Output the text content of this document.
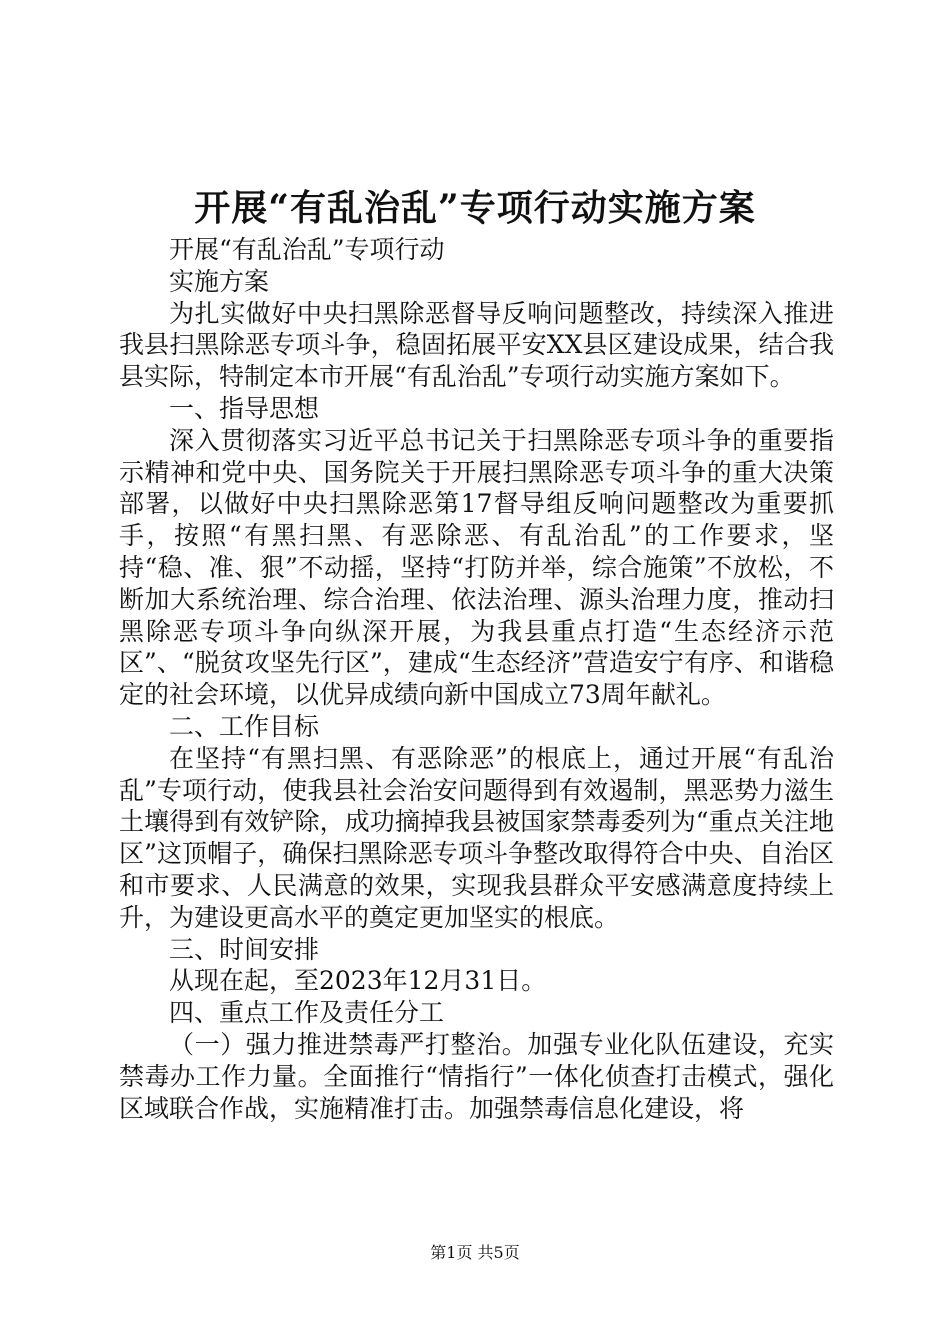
开展“有乱治乱”专项行动实施方案

开展“有乱治乱”专项行动

实施方案

为扎实做好中央扫黑除恶督导反响问题整改，持续深入推进我县扫黑除恶专项斗争，稳固拓展平安XX县区建设成果，结合我县实际，特制定本市开展“有乱治乱”专项行动实施方案如下。

一、指导思想

深入贯彻落实习近平总书记关于扫黑除恶专项斗争的重要指示精神和党中央、国务院关于开展扫黑除恶专项斗争的重大决策部署，以做好中央扫黑除恶第17督导组反响问题整改为重要抓手，按照“有黑扫黑、有恶除恶、有乱治乱”的工作要求，坚持“稳、准、狠”不动摇，坚持“打防并举，综合施策”不放松，不断加大系统治理、综合治理、依法治理、源头治理力度，推动扫黑除恶专项斗争向纵深开展，为我县重点打造“生态经济示范区”、“脱贫攻坚先行区”，建成“生态经济”营造安宁有序、和谐稳定的社会环境，以优异成绩向新中国成立73周年献礼。

二、工作目标

在坚持“有黑扫黑、有恶除恶”的根底上，通过开展“有乱治乱”专项行动，使我县社会治安问题得到有效遏制，黑恶势力滋生土壤得到有效铲除，成功摘掉我县被国家禁毒委列为“重点关注地区”这顶帽子，确保扫黑除恶专项斗争整改取得符合中央、自治区和市要求、人民满意的效果，实现我县群众平安感满意度持续上升，为建设更高水平的奠定更加坚实的根底。

三、时间安排

从现在起，至2023年12月31日。

四、重点工作及责任分工

（一）强力推进禁毒严打整治。加强专业化队伍建设，充实禁毒办工作力量。全面推行“情指行”一体化侦查打击模式，强化区域联合作战，实施精准打击。加强禁毒信息化建设，将

第1页 共5页
